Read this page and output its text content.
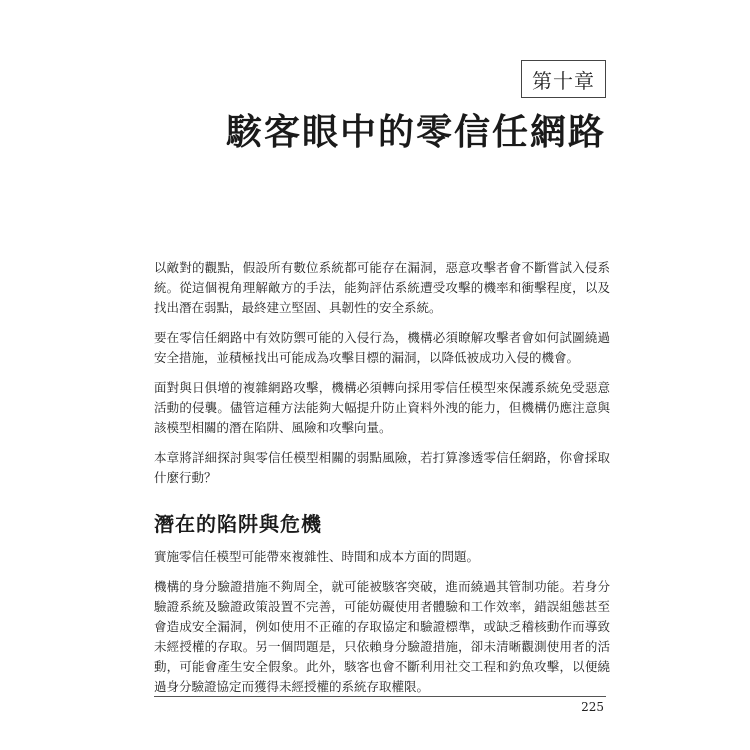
第十章
駭客眼中的零信任網路

以敵對的觀點，假設所有數位系統都可能存在漏洞，惡意攻擊者會不斷嘗試入侵系統。從這個視角理解敵方的手法，能夠評估系統遭受攻擊的機率和衝擊程度，以及找出潛在弱點，最終建立堅固、具韌性的安全系統。

要在零信任網路中有效防禦可能的入侵行為，機構必須瞭解攻擊者會如何試圖繞過安全措施，並積極找出可能成為攻擊目標的漏洞，以降低被成功入侵的機會。

面對與日俱增的複雜網路攻擊，機構必須轉向採用零信任模型來保護系統免受惡意活動的侵襲。儘管這種方法能夠大幅提升防止資料外洩的能力，但機構仍應注意與該模型相關的潛在陷阱、風險和攻擊向量。

本章將詳細探討與零信任模型相關的弱點風險，若打算滲透零信任網路，你會採取什麼行動？

潛在的陷阱與危機

實施零信任模型可能帶來複雜性、時間和成本方面的問題。

機構的身分驗證措施不夠周全，就可能被駭客突破，進而繞過其管制功能。若身分驗證系統及驗證政策設置不完善，可能妨礙使用者體驗和工作效率，錯誤組態甚至會造成安全漏洞，例如使用不正確的存取協定和驗證標準，或缺乏稽核動作而導致未經授權的存取。另一個問題是，只依賴身分驗證措施，卻未清晰觀測使用者的活動，可能會產生安全假象。此外，駭客也會不斷利用社交工程和釣魚攻擊，以便繞過身分驗證協定而獲得未經授權的系統存取權限。

225
